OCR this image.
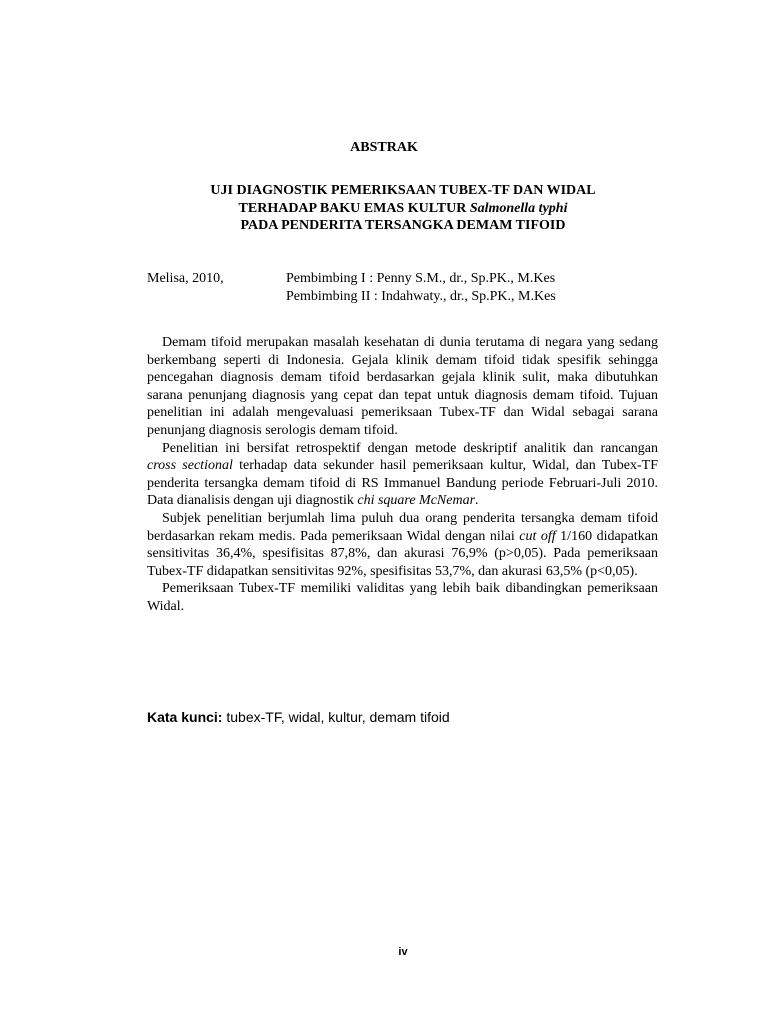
ABSTRAK
UJI DIAGNOSTIK PEMERIKSAAN TUBEX-TF DAN WIDAL
TERHADAP BAKU EMAS KULTUR Salmonella typhi
PADA PENDERITA TERSANGKA DEMAM TIFOID
Melisa, 2010,	Pembimbing I : Penny S.M., dr., Sp.PK., M.Kes
Pembimbing II : Indahwaty., dr., Sp.PK., M.Kes

Demam tifoid merupakan masalah kesehatan di dunia terutama di negara yang sedang berkembang seperti di Indonesia. Gejala klinik demam tifoid tidak spesifik sehingga pencegahan diagnosis demam tifoid berdasarkan gejala klinik sulit, maka dibutuhkan sarana penunjang diagnosis yang cepat dan tepat untuk diagnosis demam tifoid. Tujuan penelitian ini adalah mengevaluasi pemeriksaan Tubex-TF dan Widal sebagai sarana penunjang diagnosis serologis demam tifoid.

Penelitian ini bersifat retrospektif dengan metode deskriptif analitik dan rancangan cross sectional terhadap data sekunder hasil pemeriksaan kultur, Widal, dan Tubex-TF penderita tersangka demam tifoid di RS Immanuel Bandung periode Februari-Juli 2010. Data dianalisis dengan uji diagnostik chi square McNemar.

Subjek penelitian berjumlah lima puluh dua orang penderita tersangka demam tifoid berdasarkan rekam medis. Pada pemeriksaan Widal dengan nilai cut off 1/160 didapatkan sensitivitas 36,4%, spesifisitas 87,8%, dan akurasi 76,9% (p>0,05). Pada pemeriksaan Tubex-TF didapatkan sensitivitas 92%, spesifisitas 53,7%, dan akurasi 63,5% (p<0,05).

Pemeriksaan Tubex-TF memiliki validitas yang lebih baik dibandingkan pemeriksaan Widal.

Kata kunci: tubex-TF, widal, kultur, demam tifoid
iv
